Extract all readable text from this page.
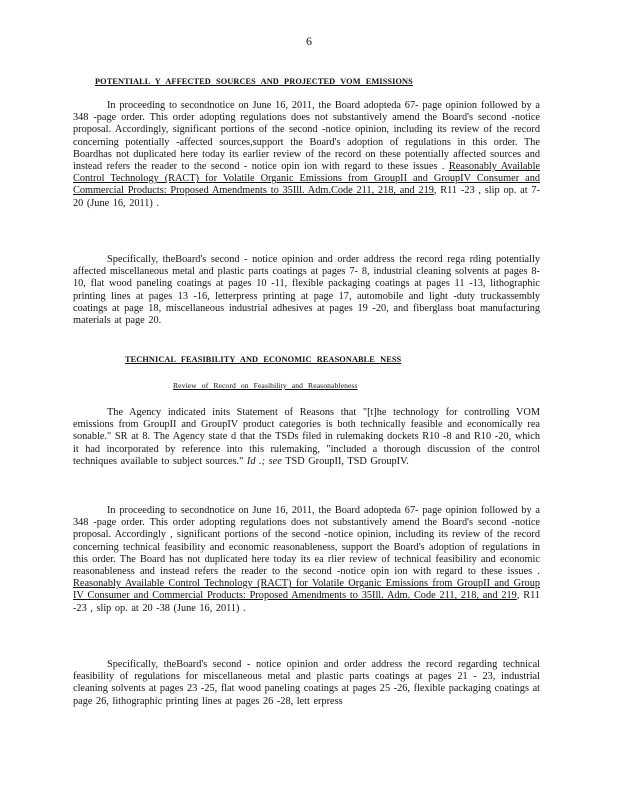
6
POTENTIALL Y AFFECTED SOURCES AND PROJECTED VOM EMISSIONS
In proceeding to secondnotice on June 16, 2011, the Board adopteda 67- page opinion followed by a 348 -page order. This order adopting regulations does not substantively amend the Board's second -notice proposal. Accordingly, significant portions of the second -notice opinion, including its review of the record concerning potentially -affected sources,support the Board's adoption of regulations in this order. The Boardhas not duplicated here today its earlier review of the record on these potentially affected sources and instead refers the reader to the second - notice opin ion with regard to these issues . Reasonably Available Control Technology (RACT) for Volatile Organic Emissions from GroupII and GroupIV Consumer and Commercial Products: Proposed Amendments to 35Ill. Adm.Code 211, 218, and 219, R11 -23 , slip op. at 7-20 (June 16, 2011) .
Specifically, theBoard's second - notice opinion and order address the record rega rding potentially affected miscellaneous metal and plastic parts coatings at pages 7- 8, industrial cleaning solvents at pages 8-10, flat wood paneling coatings at pages 10 -11, flexible packaging coatings at pages 11 -13, lithographic printing lines at pages 13 -16, letterpress printing at page 17, automobile and light -duty truckassembly coatings at page 18, miscellaneous industrial adhesives at pages 19 -20, and fiberglass boat manufacturing materials at page 20.
TECHNICAL FEASIBILITY AND ECONOMIC REASONABLE NESS
Review of Record on Feasibility and Reasonableness
The Agency indicated inits Statement of Reasons that "[t]he technology for controlling VOM emissions from GroupII and GroupIV product categories is both technically feasible and economically rea sonable." SR at 8. The Agency state d that the TSDs filed in rulemaking dockets R10 -8 and R10 -20, which it had incorporated by reference into this rulemaking, "included a thorough discussion of the control techniques available to subject sources." Id .; see TSD GroupII, TSD GroupIV.
In proceeding to secondnotice on June 16, 2011, the Board adopteda 67- page opinion followed by a 348 -page order. This order adopting regulations does not substantively amend the Board's second -notice proposal. Accordingly , significant portions of the second -notice opinion, including its review of the record concerning technical feasibility and economic reasonableness, support the Board's adoption of regulations in this order. The Board has not duplicated here today its ea rlier review of technical feasibility and economic reasonableness and instead refers the reader to the second -notice opin ion with regard to these issues . Reasonably Available Control Technology (RACT) for Volatile Organic Emissions from GroupII and Group IV Consumer and Commercial Products: Proposed Amendments to 35Ill. Adm. Code 211, 218, and 219, R11 -23 , slip op. at 20 -38 (June 16, 2011) .
Specifically, theBoard's second - notice opinion and order address the record regarding technical feasibility of regulations for miscellaneous metal and plastic parts coatings at pages 21 - 23, industrial cleaning solvents at pages 23 -25, flat wood paneling coatings at pages 25 -26, flexible packaging coatings at page 26, lithographic printing lines at pages 26 -28, lett erpress
